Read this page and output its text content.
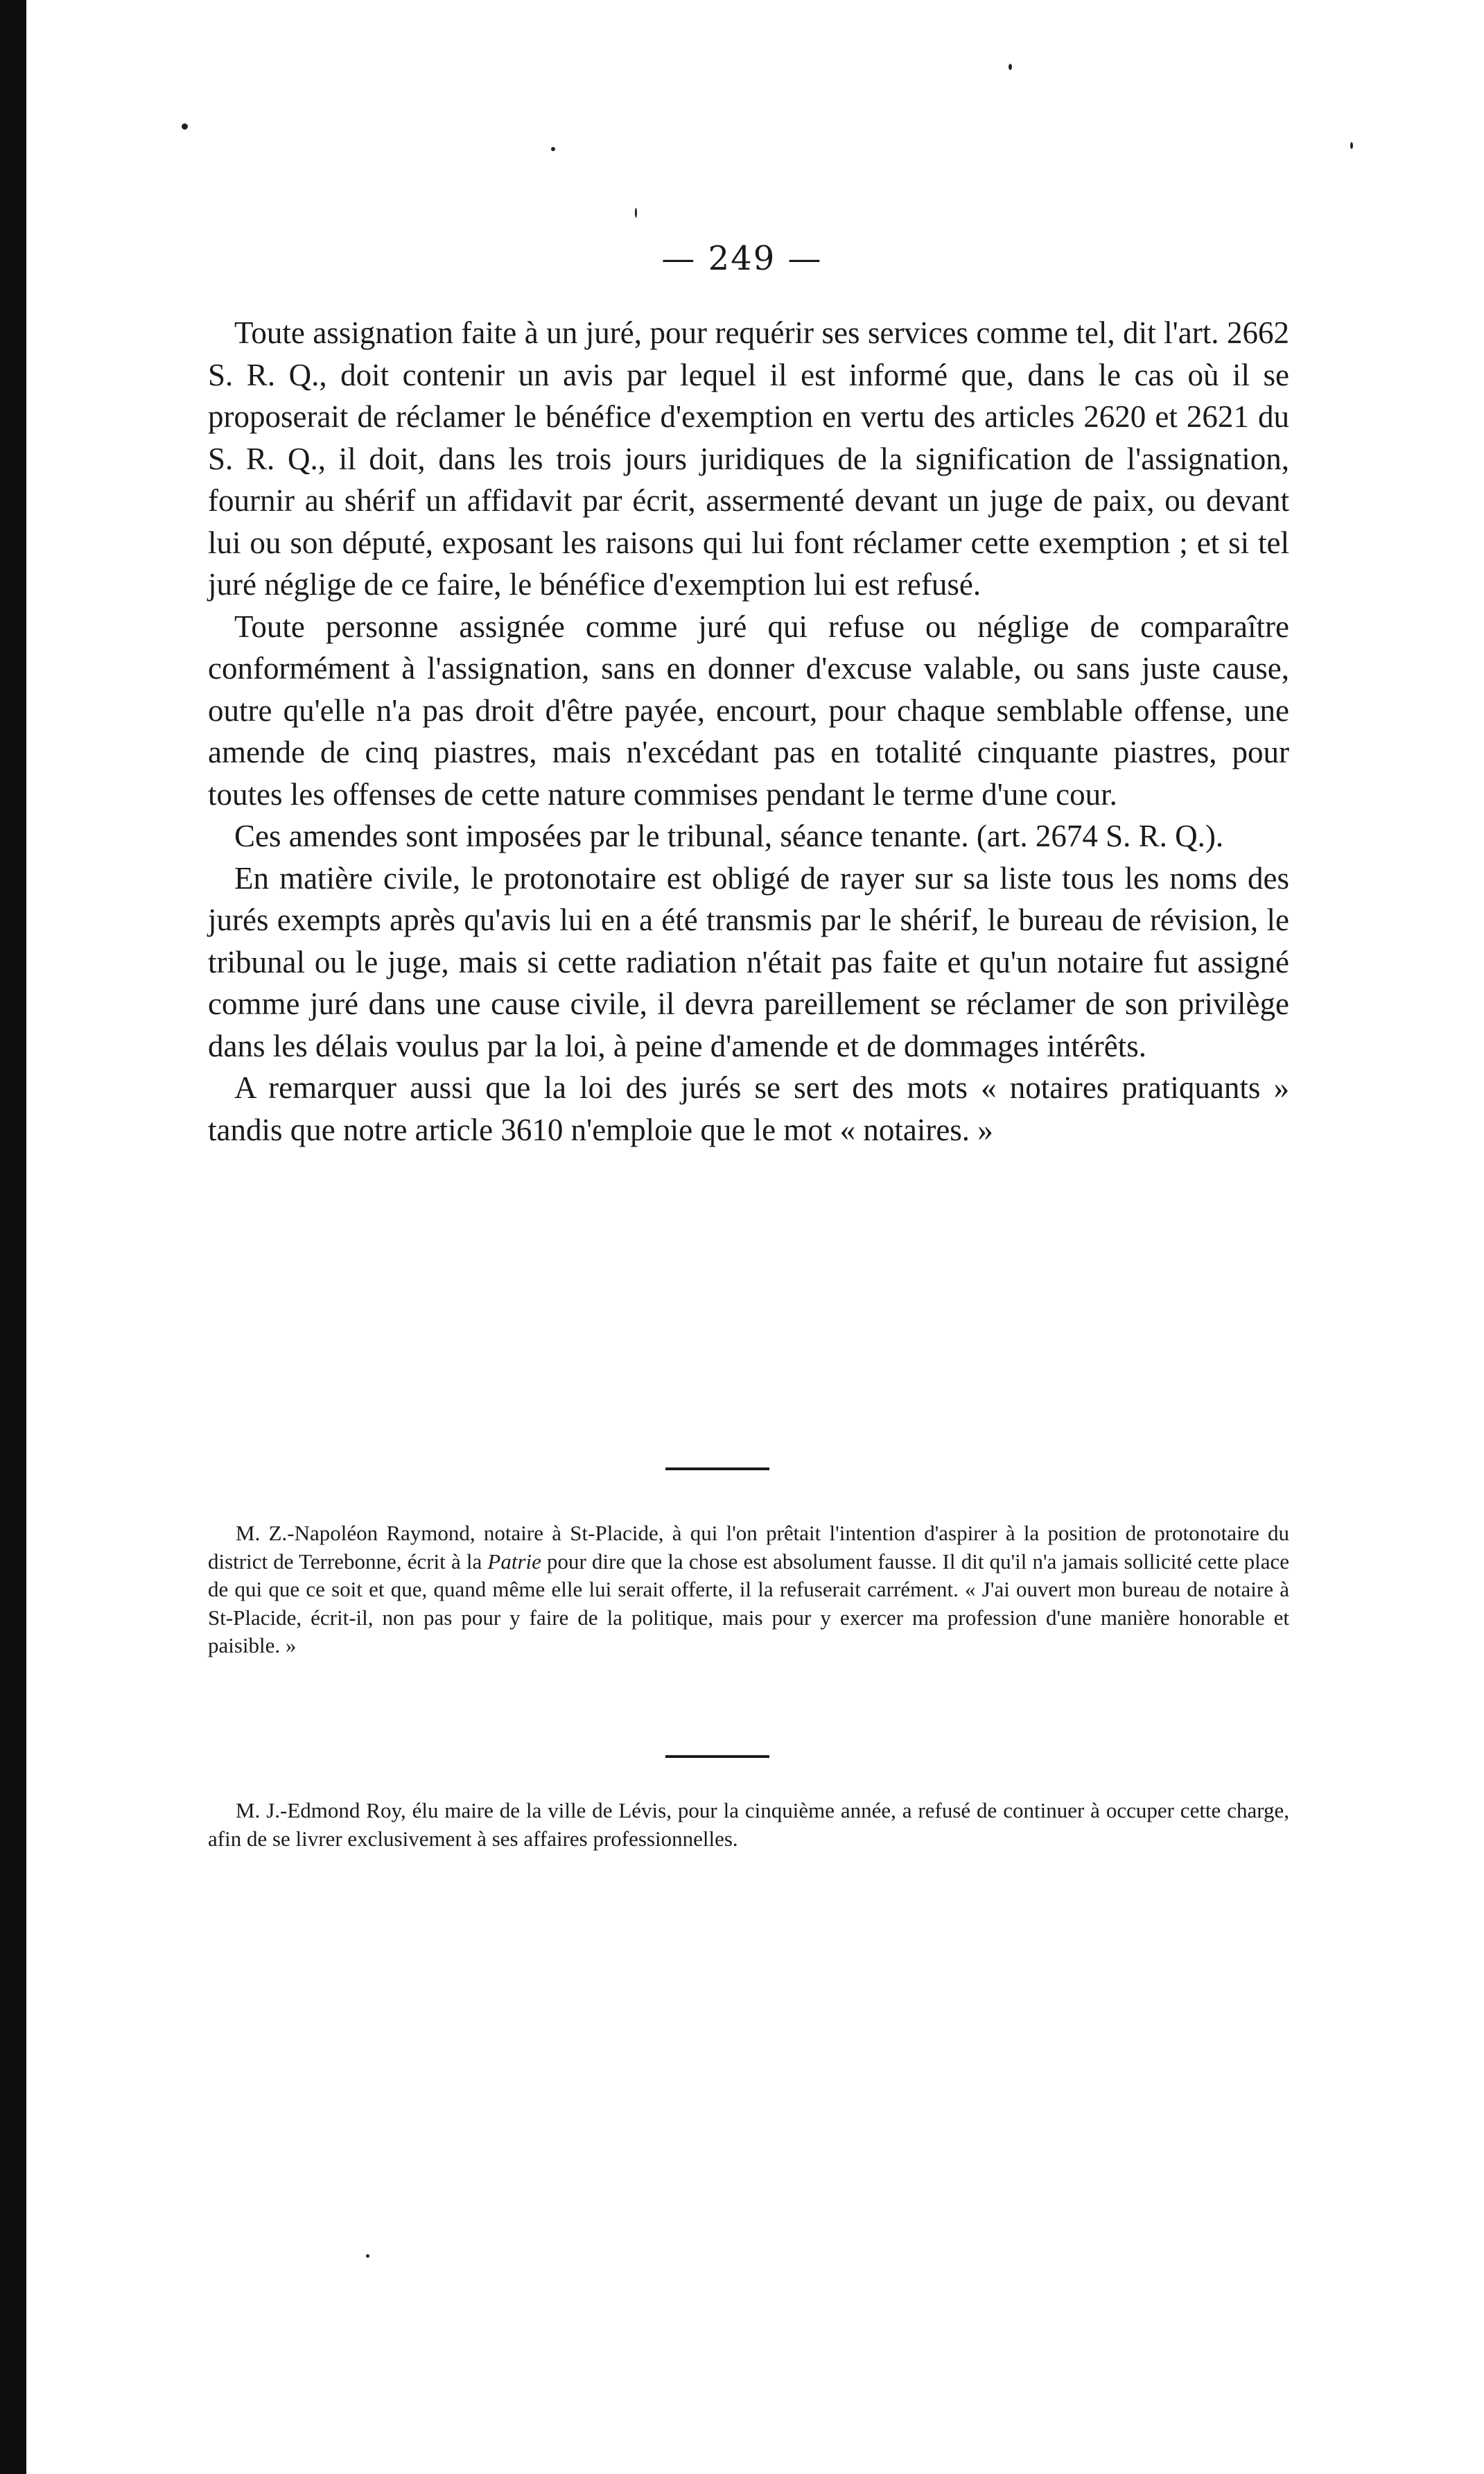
— 249 —

Toute assignation faite à un juré, pour requérir ses services comme tel, dit l'art. 2662 S. R. Q., doit contenir un avis par lequel il est informé que, dans le cas où il se proposerait de réclamer le bénéfice d'exemption en vertu des articles 2620 et 2621 du S. R. Q., il doit, dans les trois jours juridiques de la signification de l'assignation, fournir au shérif un affidavit par écrit, assermenté devant un juge de paix, ou devant lui ou son député, exposant les raisons qui lui font réclamer cette exemption ; et si tel juré néglige de ce faire, le bénéfice d'exemption lui est refusé.

Toute personne assignée comme juré qui refuse ou néglige de comparaître conformément à l'assignation, sans en donner d'excuse valable, ou sans juste cause, outre qu'elle n'a pas droit d'être payée, encourt, pour chaque semblable offense, une amende de cinq piastres, mais n'excédant pas en totalité cinquante piastres, pour toutes les offenses de cette nature commises pendant le terme d'une cour.

Ces amendes sont imposées par le tribunal, séance tenante. (art. 2674 S. R. Q.).

En matière civile, le protonotaire est obligé de rayer sur sa liste tous les noms des jurés exempts après qu'avis lui en a été transmis par le shérif, le bureau de révision, le tribunal ou le juge, mais si cette radiation n'était pas faite et qu'un notaire fut assigné comme juré dans une cause civile, il devra pareillement se réclamer de son privilège dans les délais voulus par la loi, à peine d'amende et de dommages intérêts.

A remarquer aussi que la loi des jurés se sert des mots « notaires pratiquants » tandis que notre article 3610 n'emploie que le mot « notaires. »

M. Z.-Napoléon Raymond, notaire à St-Placide, à qui l'on prêtait l'intention d'aspirer à la position de protonotaire du district de Terrebonne, écrit à la Patrie pour dire que la chose est absolument fausse. Il dit qu'il n'a jamais sollicité cette place de qui que ce soit et que, quand même elle lui serait offerte, il la refuserait carrément. « J'ai ouvert mon bureau de notaire à St-Placide, écrit-il, non pas pour y faire de la politique, mais pour y exercer ma profession d'une manière honorable et paisible. »

M. J.-Edmond Roy, élu maire de la ville de Lévis, pour la cinquième année, a refusé de continuer à occuper cette charge, afin de se livrer exclusivement à ses affaires professionnelles.
